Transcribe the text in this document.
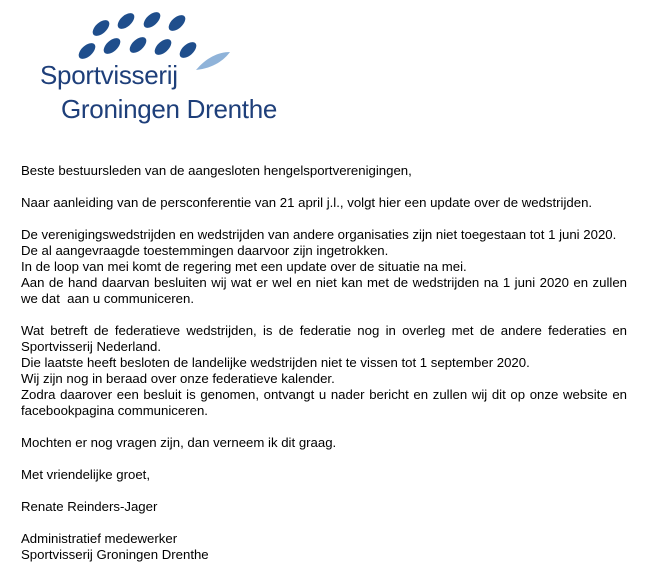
Sportvisserij
Groningen Drenthe

Beste bestuursleden van de aangesloten hengelsportverenigingen,

Naar aanleiding van de persconferentie van 21 april j.l., volgt hier een update over de wedstrijden.

De verenigingswedstrijden en wedstrijden van andere organisaties zijn niet toegestaan tot 1 juni 2020.

De al aangevraagde toestemmingen daarvoor zijn ingetrokken.

In de loop van mei komt de regering met een update over de situatie na mei.

Aan de hand daarvan besluiten wij wat er wel en niet kan met de wedstrijden na 1 juni 2020 en zullen

we dat  aan u communiceren.

Wat betreft de federatieve wedstrijden, is de federatie nog in overleg met de andere federaties en

Sportvisserij Nederland.

Die laatste heeft besloten de landelijke wedstrijden niet te vissen tot 1 september 2020.

Wij zijn nog in beraad over onze federatieve kalender.

Zodra daarover een besluit is genomen, ontvangt u nader bericht en zullen wij dit op onze website en

facebookpagina communiceren.

Mochten er nog vragen zijn, dan verneem ik dit graag.

Met vriendelijke groet,

Renate Reinders-Jager

Administratief medewerker

Sportvisserij Groningen Drenthe
